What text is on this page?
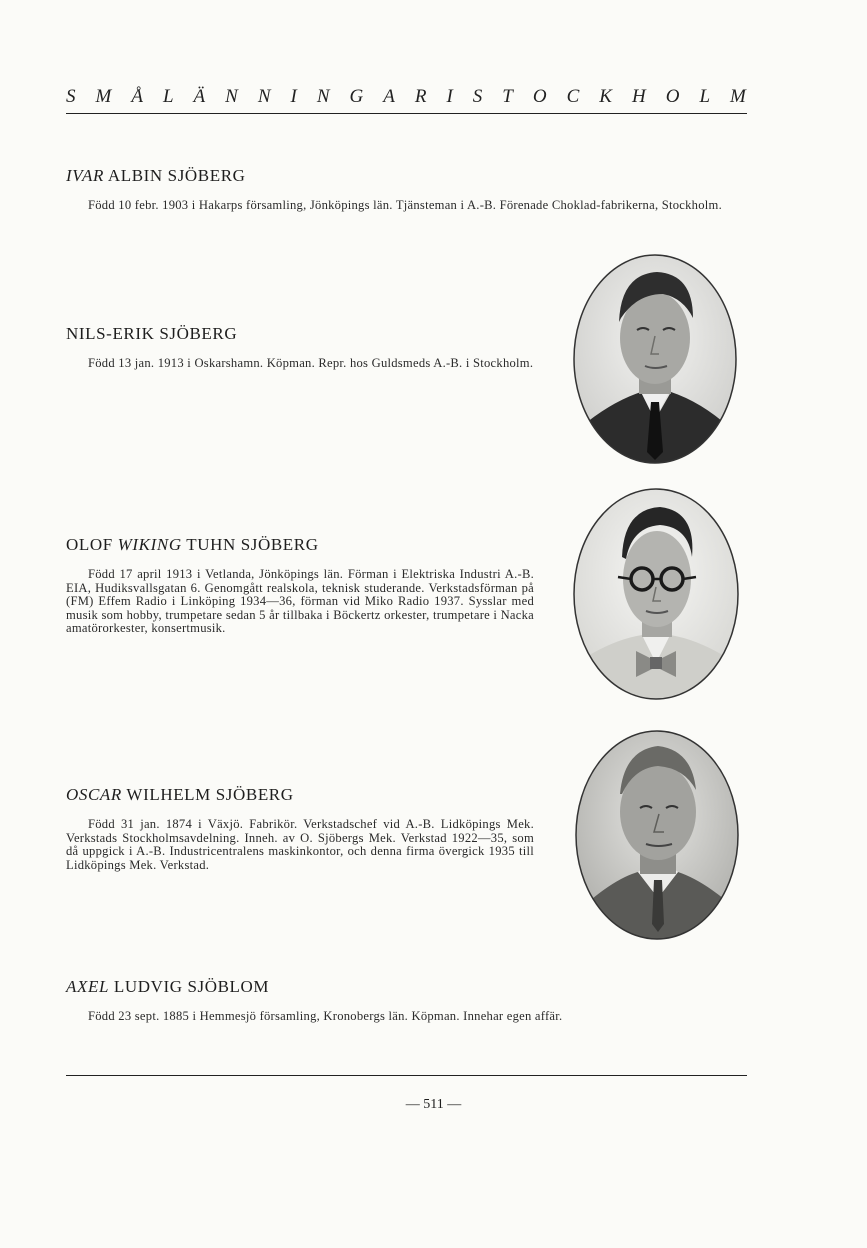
S M Å L Ä N N I N G A R I S T O C K H O L M
IVAR ALBIN SJÖBERG

Född 10 febr. 1903 i Hakarps församling, Jönköpings län. Tjänsteman i A.-B. Förenade Choklad-fabrikerna, Stockholm.

NILS-ERIK SJÖBERG

Född 13 jan. 1913 i Oskarshamn. Köpman. Repr. hos Guldsmeds A.-B. i Stockholm.

OLOF WIKING TUHN SJÖBERG

Född 17 april 1913 i Vetlanda, Jönköpings län. Förman i Elektriska Industri A.-B. EIA, Hudiksvallsgatan 6. Genomgått realskola, teknisk studerande. Verkstadsförman på (FM) Effem Radio i Linköping 1934—36, förman vid Miko Radio 1937. Sysslar med musik som hobby, trumpetare sedan 5 år tillbaka i Böckertz orkester, trumpetare i Nacka amatörorkester, konsertmusik.

OSCAR WILHELM SJÖBERG

Född 31 jan. 1874 i Växjö. Fabrikör. Verkstadschef vid A.-B. Lidköpings Mek. Verkstads Stockholmsavdelning. Inneh. av O. Sjöbergs Mek. Verkstad 1922—35, som då uppgick i A.-B. Industricentralens maskinkontor, och denna firma övergick 1935 till Lidköpings Mek. Verkstad.

AXEL LUDVIG SJÖBLOM

Född 23 sept. 1885 i Hemmesjö församling, Kronobergs län. Köpman. Innehar egen affär.

— 511 —
